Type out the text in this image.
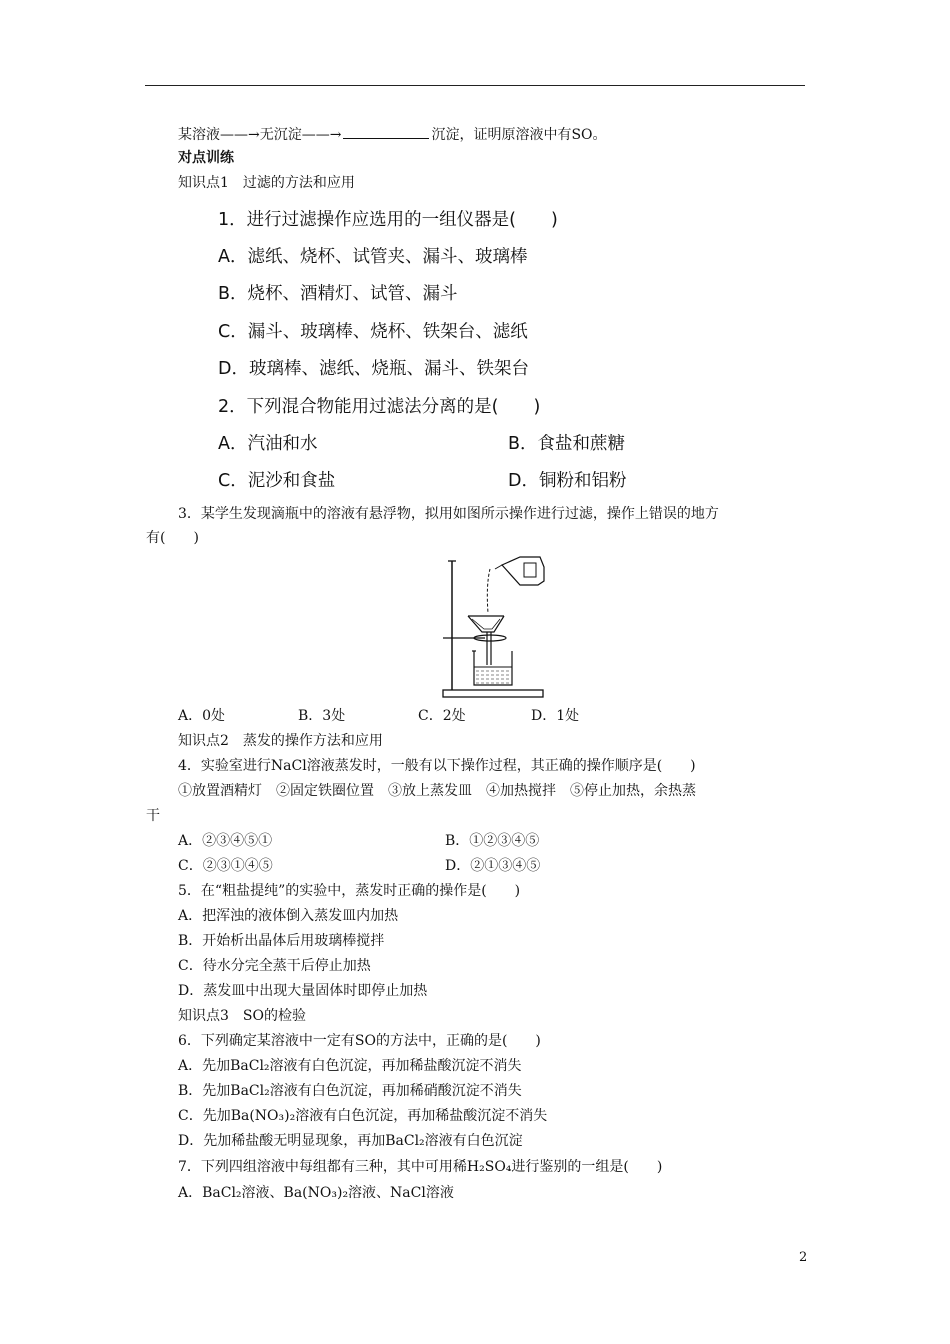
某溶液——→无沉淀——→	沉淀，证明原溶液中有SO。
对点训练
知识点1　过滤的方法和应用
1．进行过滤操作应选用的一组仪器是(　　)
A．滤纸、烧杯、试管夹、漏斗、玻璃棒
B．烧杯、酒精灯、试管、漏斗
C．漏斗、玻璃棒、烧杯、铁架台、滤纸
D．玻璃棒、滤纸、烧瓶、漏斗、铁架台
2．下列混合物能用过滤法分离的是(　　)
A．汽油和水	B．食盐和蔗糖
C．泥沙和食盐	D．铜粉和铝粉
3．某学生发现滴瓶中的溶液有悬浮物，拟用如图所示操作进行过滤，操作上错误的地方
有(　　)
A．0处	B．3处	C．2处	D．1处
知识点2　蒸发的操作方法和应用
4．实验室进行NaCl溶液蒸发时，一般有以下操作过程，其正确的操作顺序是(　　)
①放置酒精灯　②固定铁圈位置　③放上蒸发皿　④加热搅拌　⑤停止加热，余热蒸
干
A．②③④⑤①	B．①②③④⑤
C．②③①④⑤	D．②①③④⑤
5．在“粗盐提纯”的实验中，蒸发时正确的操作是(　　)
A．把浑浊的液体倒入蒸发皿内加热
B．开始析出晶体后用玻璃棒搅拌
C．待水分完全蒸干后停止加热
D．蒸发皿中出现大量固体时即停止加热
知识点3　SO的检验
6．下列确定某溶液中一定有SO的方法中，正确的是(　　)
A．先加BaCl₂溶液有白色沉淀，再加稀盐酸沉淀不消失
B．先加BaCl₂溶液有白色沉淀，再加稀硝酸沉淀不消失
C．先加Ba(NO₃)₂溶液有白色沉淀，再加稀盐酸沉淀不消失
D．先加稀盐酸无明显现象，再加BaCl₂溶液有白色沉淀
7．下列四组溶液中每组都有三种，其中可用稀H₂SO₄进行鉴别的一组是(　　)
A．BaCl₂溶液、Ba(NO₃)₂溶液、NaCl溶液
2
